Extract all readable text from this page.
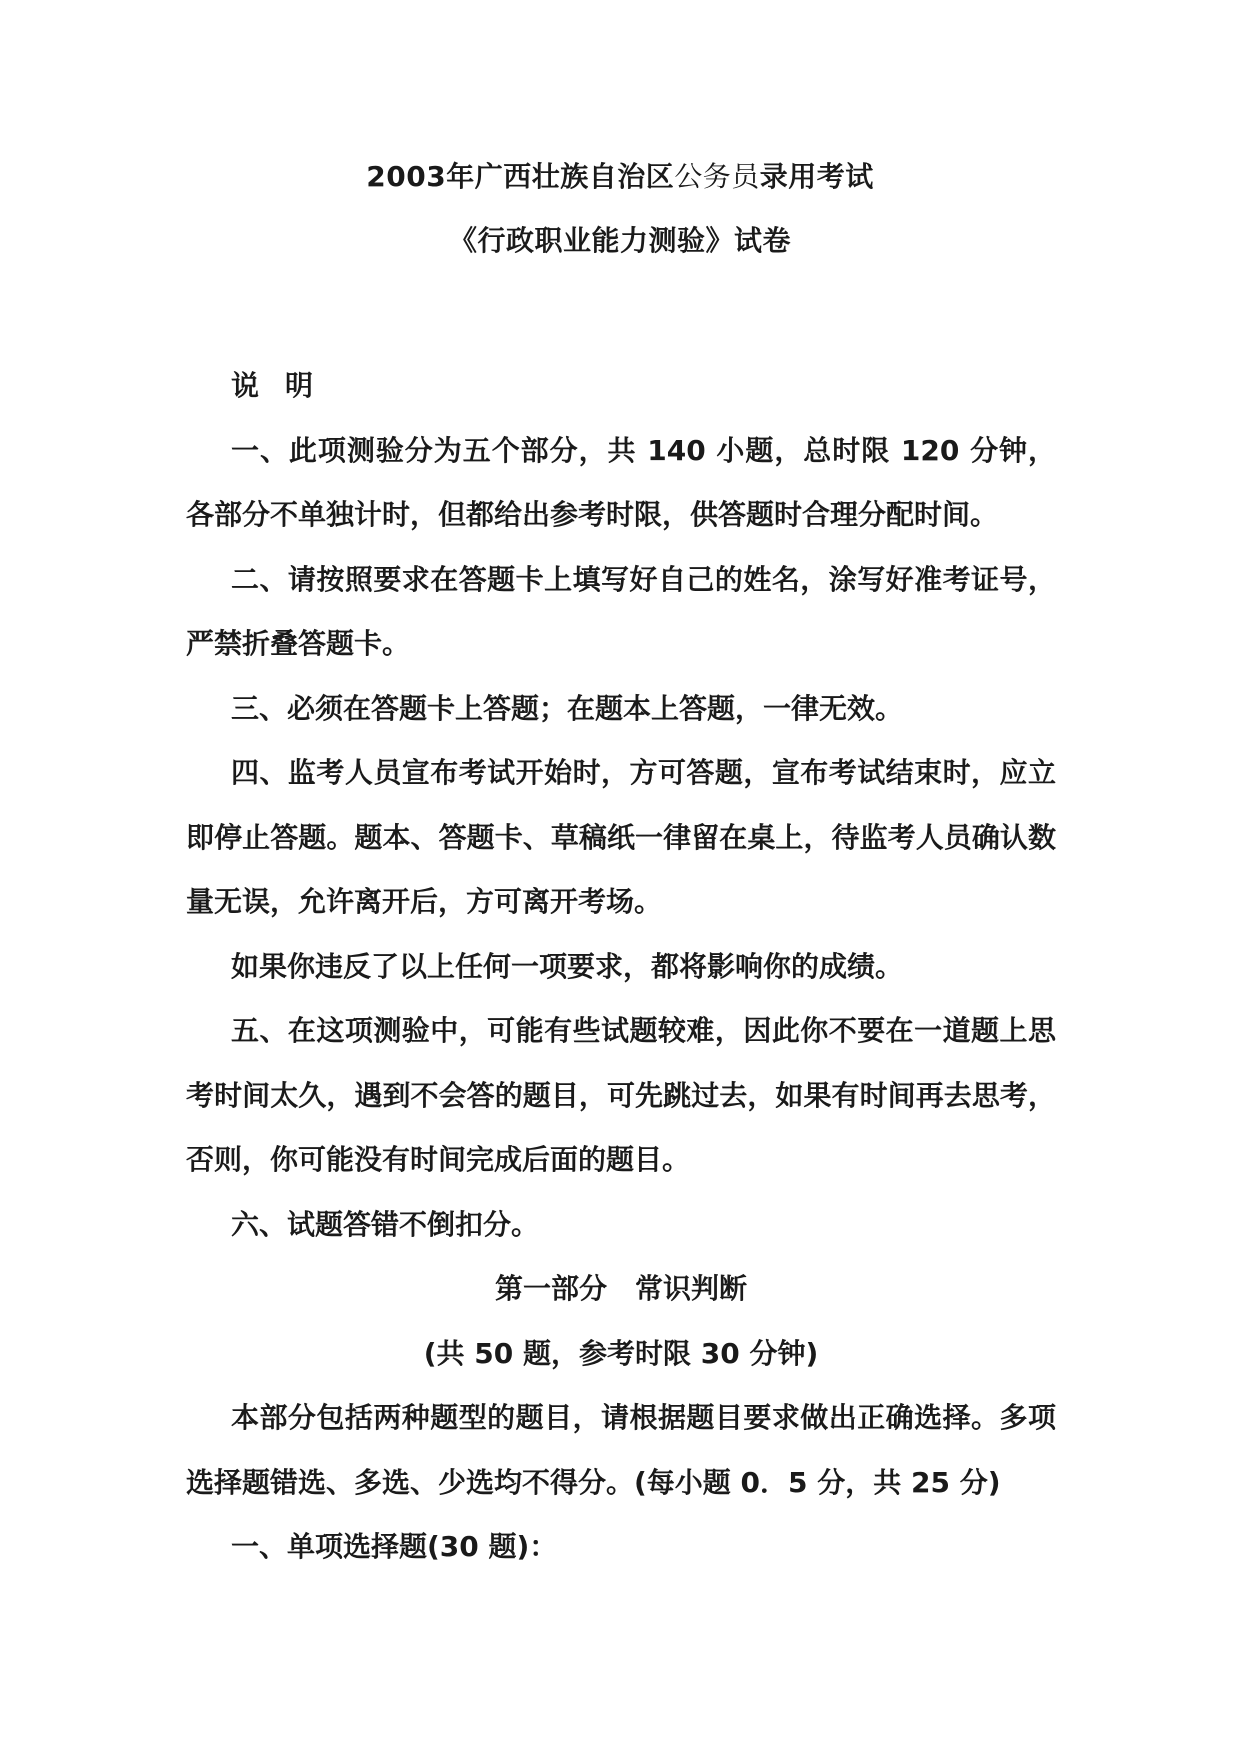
2003年广西壮族自治区公务员录用考试
《行政职业能力测验》试卷

说 明

一、此项测验分为五个部分，共 140 小题，总时限 120 分钟，各部分不单独计时，但都给出参考时限，供答题时合理分配时间。

二、请按照要求在答题卡上填写好自己的姓名，涂写好准考证号，严禁折叠答题卡。

三、必须在答题卡上答题；在题本上答题，一律无效。

四、监考人员宣布考试开始时，方可答题，宣布考试结束时，应立即停止答题。题本、答题卡、草稿纸一律留在桌上，待监考人员确认数量无误，允许离开后，方可离开考场。

如果你违反了以上任何一项要求，都将影响你的成绩。

五、在这项测验中，可能有些试题较难，因此你不要在一道题上思考时间太久，遇到不会答的题目，可先跳过去，如果有时间再去思考，否则，你可能没有时间完成后面的题目。

六、试题答错不倒扣分。

第一部分　常识判断

(共 50 题，参考时限 30 分钟)

本部分包括两种题型的题目，请根据题目要求做出正确选择。多项选择题错选、多选、少选均不得分。(每小题 0．5 分，共 25 分)

一、单项选择题(30 题)：
